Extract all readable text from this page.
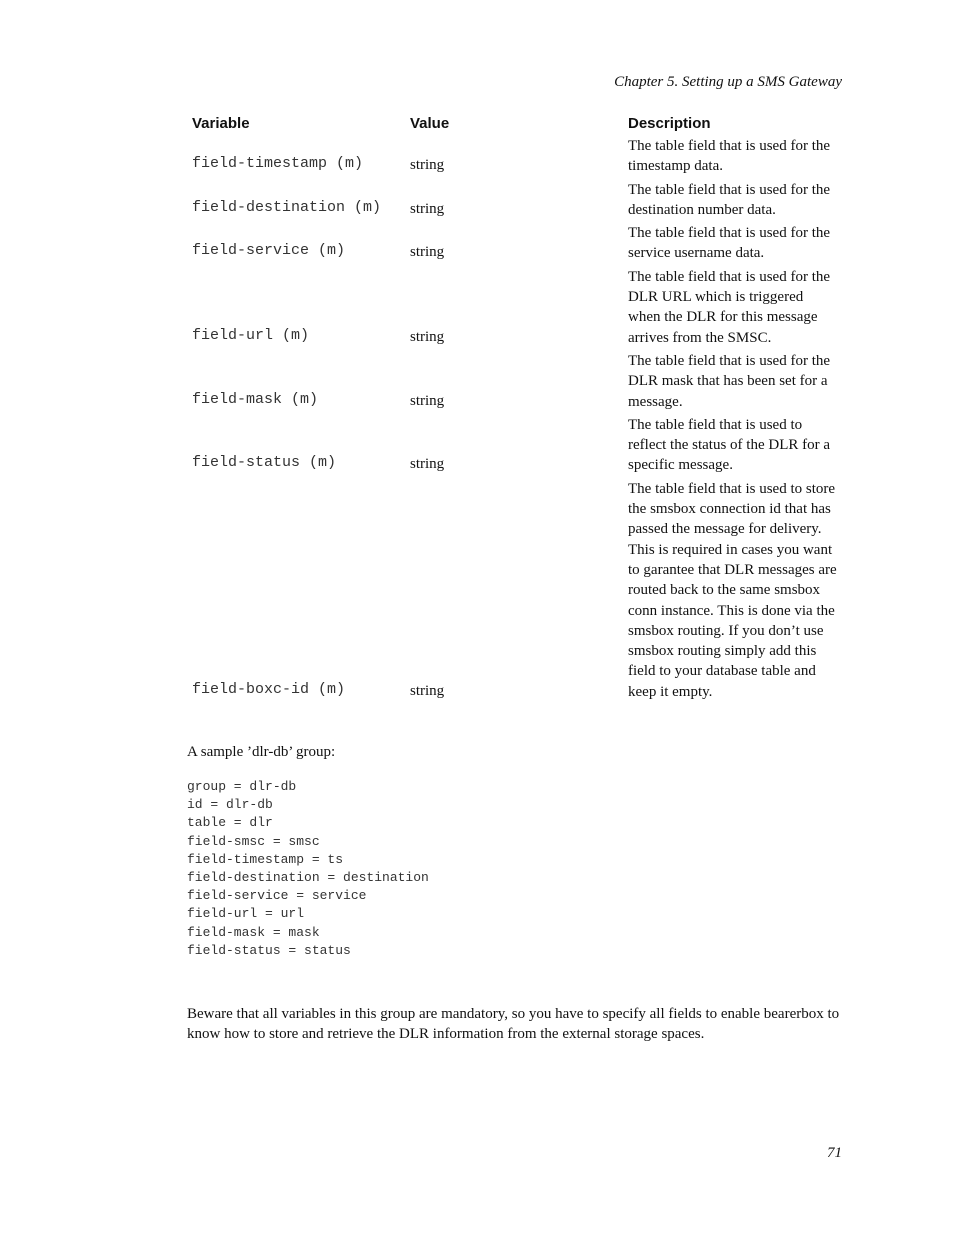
Chapter 5. Setting up a SMS Gateway
Variable	Value	Description
field-timestamp (m)	string	The table field that is used for the timestamp data.
field-destination (m)	string	The table field that is used for the destination number data.
field-service (m)	string	The table field that is used for the service username data.
field-url (m)	string	The table field that is used for the DLR URL which is triggered when the DLR for this message arrives from the SMSC.
field-mask (m)	string	The table field that is used for the DLR mask that has been set for a message.
field-status (m)	string	The table field that is used to reflect the status of the DLR for a specific message.
field-boxc-id (m)	string	The table field that is used to store the smsbox connection id that has passed the message for delivery. This is required in cases you want to garantee that DLR messages are routed back to the same smsbox conn instance. This is done via the smsbox routing. If you don’t use smsbox routing simply add this field to your database table and keep it empty.
A sample ’dlr-db’ group:
group = dlr-db
id = dlr-db
table = dlr
field-smsc = smsc
field-timestamp = ts
field-destination = destination
field-service = service
field-url = url
field-mask = mask
field-status = status

Beware that all variables in this group are mandatory, so you have to specify all fields to enable bearerbox to know how to store and retrieve the DLR information from the external storage spaces.

71
